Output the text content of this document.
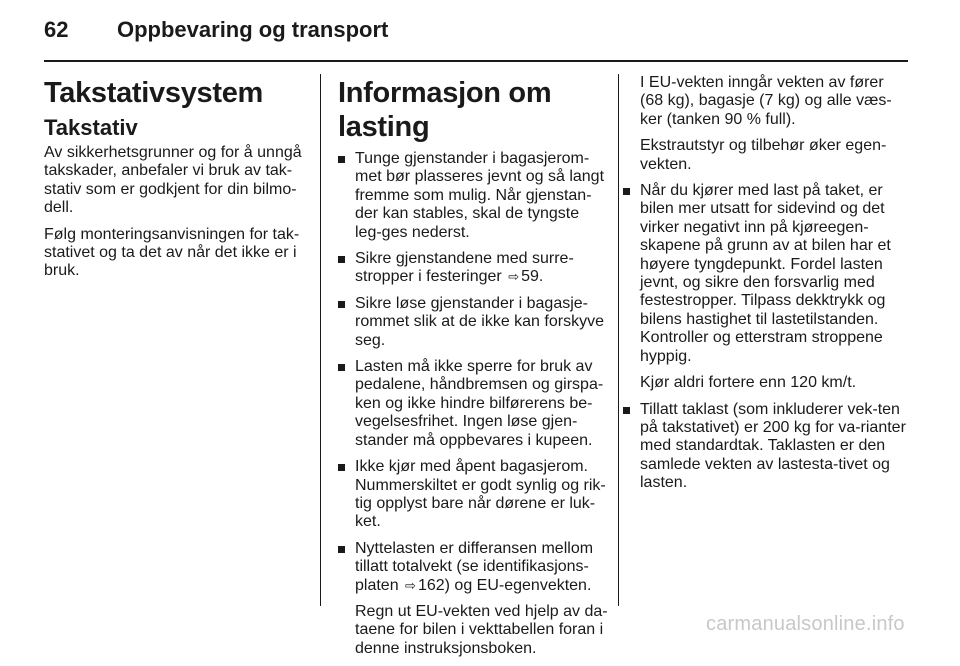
62 Oppbevaring og transport
Takstativsystem
Takstativ

Av sikkerhetsgrunner og for å unngå takskader, anbefaler vi bruk av tak-stativ som er godkjent for din bilmo-dell.

Følg monteringsanvisningen for tak-stativet og ta det av når det ikke er i bruk.

Informasjon om lasting
Tunge gjenstander i bagasjerom-met bør plasseres jevnt og så langt fremme som mulig. Når gjenstan-der kan stables, skal de tyngste leg-ges nederst.
Sikre gjenstandene med surre-stropper i festeringer ⇨ 59.
Sikre løse gjenstander i bagasje-rommet slik at de ikke kan forskyve seg.
Lasten må ikke sperre for bruk av pedalene, håndbremsen og girspa-ken og ikke hindre bilførerens be-vegelsesfrihet. Ingen løse gjen-stander må oppbevares i kupeen.
Ikke kjør med åpent bagasjerom. Nummerskiltet er godt synlig og rik-tig opplyst bare når dørene er luk-ket.
Nyttelasten er differansen mellom tillatt totalvekt (se identifikasjons-platen ⇨ 162) og EU-egenvekten.

Regn ut EU-vekten ved hjelp av da-taene for bilen i vekttabellen foran i denne instruksjonsboken.

I EU-vekten inngår vekten av fører (68 kg), bagasje (7 kg) og alle væs-ker (tanken 90 % full).

Ekstrautstyr og tilbehør øker egen-vekten.

Når du kjører med last på taket, er bilen mer utsatt for sidevind og det virker negativt inn på kjøreegen-skapene på grunn av at bilen har et høyere tyngdepunkt. Fordel lasten jevnt, og sikre den forsvarlig med festestropper. Tilpass dekktrykk og bilens hastighet til lastetilstanden. Kontroller og etterstram stroppene hyppig.

Kjør aldri fortere enn 120 km/t.

Tillatt taklast (som inkluderer vek-ten på takstativet) er 200 kg for va-rianter med standardtak. Taklasten er den samlede vekten av lastesta-tivet og lasten.
carmanualsonline.info
